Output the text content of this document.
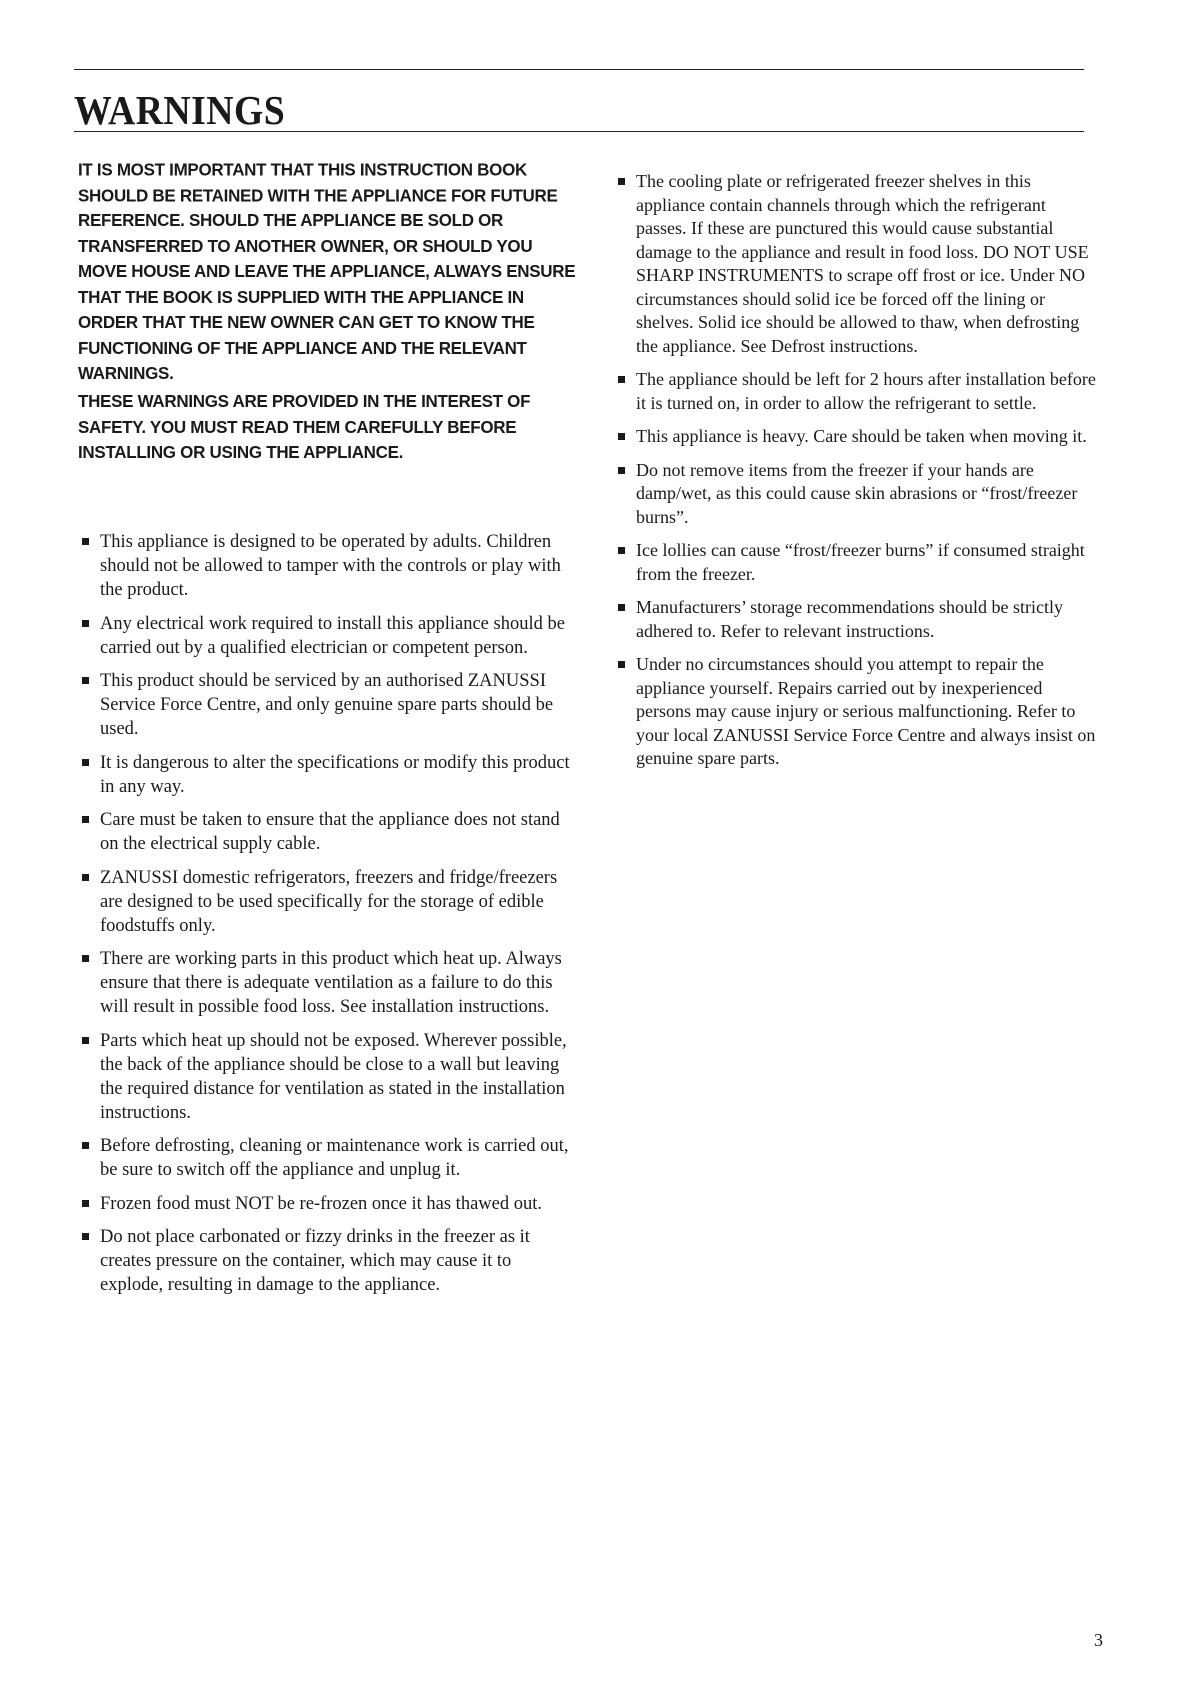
WARNINGS

IT IS MOST IMPORTANT THAT THIS INSTRUCTION BOOK SHOULD BE RETAINED WITH THE APPLIANCE FOR FUTURE REFERENCE. SHOULD THE APPLIANCE BE SOLD OR TRANSFERRED TO ANOTHER OWNER, OR SHOULD YOU MOVE HOUSE AND LEAVE THE APPLIANCE, ALWAYS ENSURE THAT THE BOOK IS SUPPLIED WITH THE APPLIANCE IN ORDER THAT THE NEW OWNER CAN GET TO KNOW THE FUNCTIONING OF THE APPLIANCE AND THE RELEVANT WARNINGS.

THESE WARNINGS ARE PROVIDED IN THE INTEREST OF SAFETY. YOU MUST READ THEM CAREFULLY BEFORE INSTALLING OR USING THE APPLIANCE.

This appliance is designed to be operated by adults. Children should not be allowed to tamper with the controls or play with the product.
Any electrical work required to install this appliance should be carried out by a qualified electrician or competent person.
This product should be serviced by an authorised ZANUSSI Service Force Centre, and only genuine spare parts should be used.
It is dangerous to alter the specifications or modify this product in any way.
Care must be taken to ensure that the appliance does not stand on the electrical supply cable.
ZANUSSI domestic refrigerators, freezers and fridge/freezers are designed to be used specifically for the storage of edible foodstuffs only.
There are working parts in this product which heat up. Always ensure that there is adequate ventilation as a failure to do this will result in possible food loss. See installation instructions.
Parts which heat up should not be exposed. Wherever possible, the back of the appliance should be close to a wall but leaving the required distance for ventilation as stated in the installation instructions.
Before defrosting, cleaning or maintenance work is carried out, be sure to switch off the appliance and unplug it.
Frozen food must NOT be re-frozen once it has thawed out.
Do not place carbonated or fizzy drinks in the freezer as it creates pressure on the container, which may cause it to explode, resulting in damage to the appliance.
The cooling plate or refrigerated freezer shelves in this appliance contain channels through which the refrigerant passes. If these are punctured this would cause substantial damage to the appliance and result in food loss. DO NOT USE SHARP INSTRUMENTS to scrape off frost or ice. Under NO circumstances should solid ice be forced off the lining or shelves. Solid ice should be allowed to thaw, when defrosting the appliance. See Defrost instructions.
The appliance should be left for 2 hours after installation before it is turned on, in order to allow the refrigerant to settle.
This appliance is heavy. Care should be taken when moving it.
Do not remove items from the freezer if your hands are damp/wet, as this could cause skin abrasions or “frost/freezer burns”.
Ice lollies can cause “frost/freezer burns” if consumed straight from the freezer.
Manufacturers’ storage recommendations should be strictly adhered to. Refer to relevant instructions.
Under no circumstances should you attempt to repair the appliance yourself. Repairs carried out by inexperienced persons may cause injury or serious malfunctioning. Refer to your local ZANUSSI Service Force Centre and always insist on genuine spare parts.
3
